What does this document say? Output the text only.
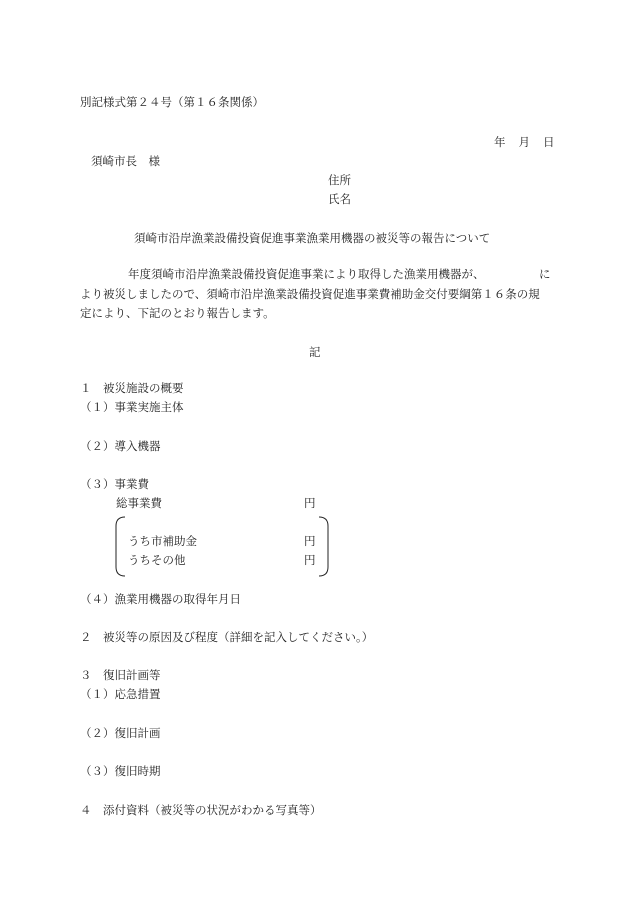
別記様式第２４号（第１６条関係）
年 月 日
須崎市長　様
住所
氏名
須崎市沿岸漁業設備投資促進事業漁業用機器の被災等の報告について
年度須崎市沿岸漁業設備投資促進事業により取得した漁業用機器が、	に
より被災しましたので、須崎市沿岸漁業設備投資促進事業費補助金交付要綱第１６条の規
定により、下記のとおり報告します。
記
１　被災施設の概要
（１）事業実施主体
（２）導入機器
（３）事業費
総事業費	円
うち市補助金	円
うちその他	円
（４）漁業用機器の取得年月日
２　被災等の原因及び程度（詳細を記入してください。）
３　復旧計画等
（１）応急措置
（２）復旧計画
（３）復旧時期
４　添付資料（被災等の状況がわかる写真等）
